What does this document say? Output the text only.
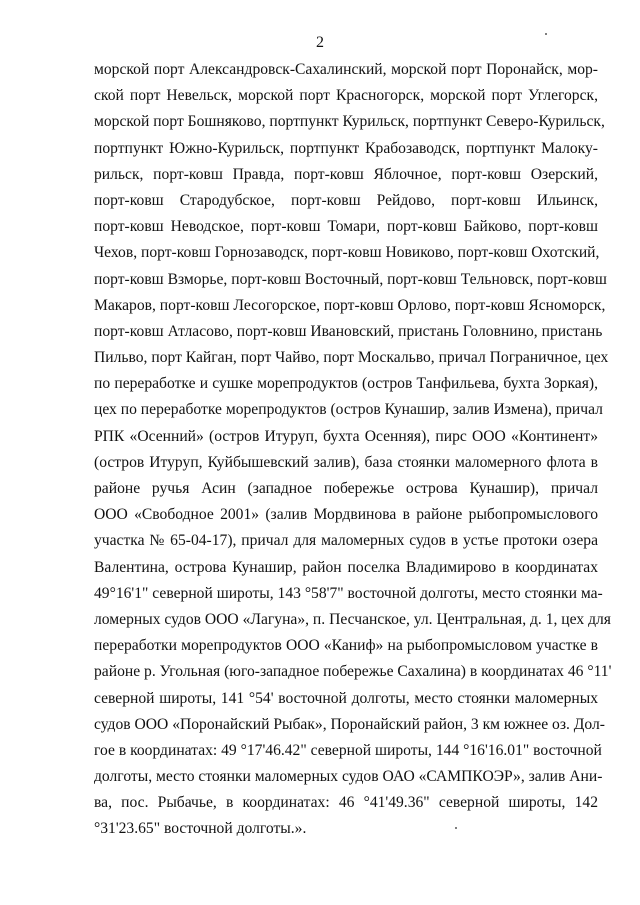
2
морской порт Александровск-Сахалинский, морской порт Поронайск, мор-
ской порт Невельск, морской порт Красногорск, морской порт Углегорск,
морской порт Бошняково, портпункт Курильск, портпункт Северо-Курильск,
портпункт Южно-Курильск, портпункт Крабозаводск, портпункт Малоку-
рильск, порт-ковш Правда, порт-ковш Яблочное, порт-ковш Озерский,
порт-ковш Стародубское, порт-ковш Рейдово, порт-ковш Ильинск,
порт-ковш Неводское, порт-ковш Томари, порт-ковш Байково, порт-ковш
Чехов, порт-ковш Горнозаводск, порт-ковш Новиково, порт-ковш Охотский,
порт-ковш Взморье, порт-ковш Восточный, порт-ковш Тельновск, порт-ковш
Макаров, порт-ковш Лесогорское, порт-ковш Орлово, порт-ковш Ясноморск,
порт-ковш Атласово, порт-ковш Ивановский, пристань Головнино, пристань
Пильво, порт Кайган, порт Чайво, порт Москальво, причал Пограничное, цех
по переработке и сушке морепродуктов (остров Танфильева, бухта Зоркая),
цех по переработке морепродуктов (остров Кунашир, залив Измена), причал
РПК «Осенний» (остров Итуруп, бухта Осенняя), пирс ООО «Континент»
(остров Итуруп, Куйбышевский залив), база стоянки маломерного флота в
районе ручья Асин (западное побережье острова Кунашир), причал
ООО «Свободное 2001» (залив Мордвинова в районе рыбопромыслового
участка № 65-04-17), причал для маломерных судов в устье протоки озера
Валентина, острова Кунашир, район поселка Владимирово в координатах
49°16'1" северной широты, 143 °58'7" восточной долготы, место стоянки ма-
ломерных судов ООО «Лагуна», п. Песчанское, ул. Центральная, д. 1, цех для
переработки морепродуктов ООО «Каниф» на рыбопромысловом участке в
районе р. Угольная (юго-западное побережье Сахалина) в координатах 46 °11'
северной широты, 141 °54' восточной долготы, место стоянки маломерных
судов ООО «Поронайский Рыбак», Поронайский район, 3 км южнее оз. Дол-
гое в координатах: 49 °17'46.42" северной широты, 144 °16'16.01" восточной
долготы, место стоянки маломерных судов ОАО «САМПКОЭР», залив Ани-
ва, пос. Рыбачье, в координатах: 46 °41'49.36" северной широты, 142
°31'23.65" восточной долготы.».
